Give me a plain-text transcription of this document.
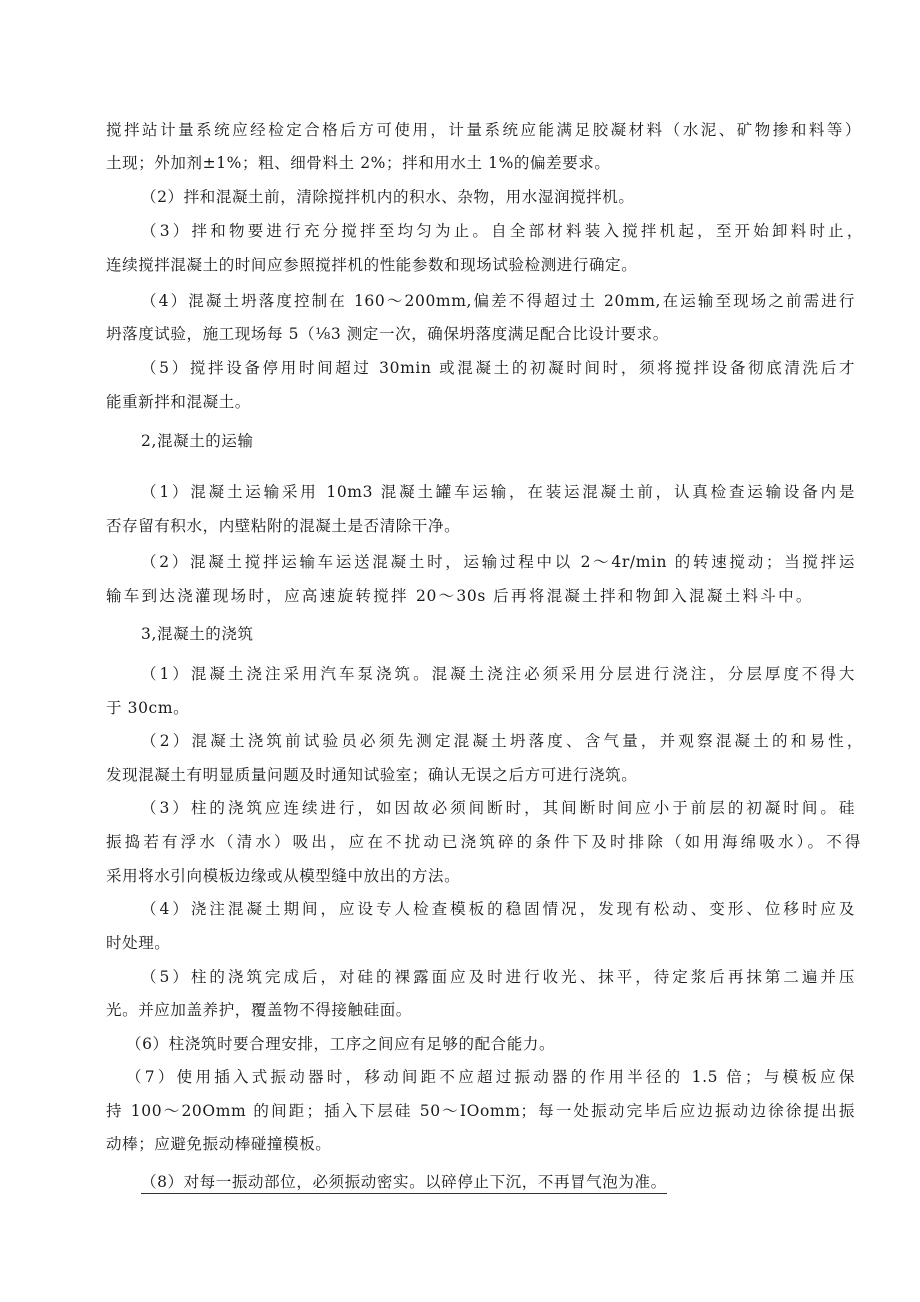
搅拌站计量系统应经检定合格后方可使用，计量系统应能满足胶凝材料（水泥、矿物掺和料等）
土现；外加剂±1%；粗、细骨料土 2%；拌和用水土 1%的偏差要求。
（2）拌和混凝土前，清除搅拌机内的积水、杂物，用水湿润搅拌机。
（3）拌和物要进行充分搅拌至均匀为止。自全部材料装入搅拌机起，至开始卸料时止，
连续搅拌混凝土的时间应参照搅拌机的性能参数和现场试验检测进行确定。
（4）混凝土坍落度控制在 160～200mm,偏差不得超过土 20mm,在运输至现场之前需进行
坍落度试验，施工现场每 5（⅛3 测定一次，确保坍落度满足配合比设计要求。
（5）搅拌设备停用时间超过 30min 或混凝土的初凝时间时，须将搅拌设备彻底清洗后才
能重新拌和混凝土。
2,混凝土的运输
（1）混凝土运输采用 10m3 混凝土罐车运输，在装运混凝土前，认真检查运输设备内是
否存留有积水，内壁粘附的混凝土是否清除干净。
（2）混凝土搅拌运输车运送混凝土时，运输过程中以 2～4r/min 的转速搅动；当搅拌运
输车到达浇灌现场时，应高速旋转搅拌 20～30s 后再将混凝土拌和物卸入混凝土料斗中。
3,混凝土的浇筑
（1）混凝土浇注采用汽车泵浇筑。混凝土浇注必须采用分层进行浇注，分层厚度不得大
于 30cm。
（2）混凝土浇筑前试验员必须先测定混凝土坍落度、含气量，并观察混凝土的和易性，
发现混凝土有明显质量问题及时通知试验室；确认无误之后方可进行浇筑。
（3）柱的浇筑应连续进行，如因故必须间断时，其间断时间应小于前层的初凝时间。硅
振捣若有浮水（清水）吸出，应在不扰动已浇筑碎的条件下及时排除（如用海绵吸水）。不得
采用将水引向模板边缘或从模型缝中放出的方法。
（4）浇注混凝土期间，应设专人检查模板的稳固情况，发现有松动、变形、位移时应及
时处理。
（5）柱的浇筑完成后，对硅的裸露面应及时进行收光、抹平，待定浆后再抹第二遍并压
光。并应加盖养护，覆盖物不得接触硅面。
（6）柱浇筑时要合理安排，工序之间应有足够的配合能力。
（7）使用插入式振动器时，移动间距不应超过振动器的作用半径的 1.5 倍；与模板应保
持 100～20Omm 的间距；插入下层硅 50～IOomm；每一处振动完毕后应边振动边徐徐提出振
动棒；应避免振动棒碰撞模板。
（8）对每一振动部位，必须振动密实。以碎停止下沉，不再冒气泡为准。
